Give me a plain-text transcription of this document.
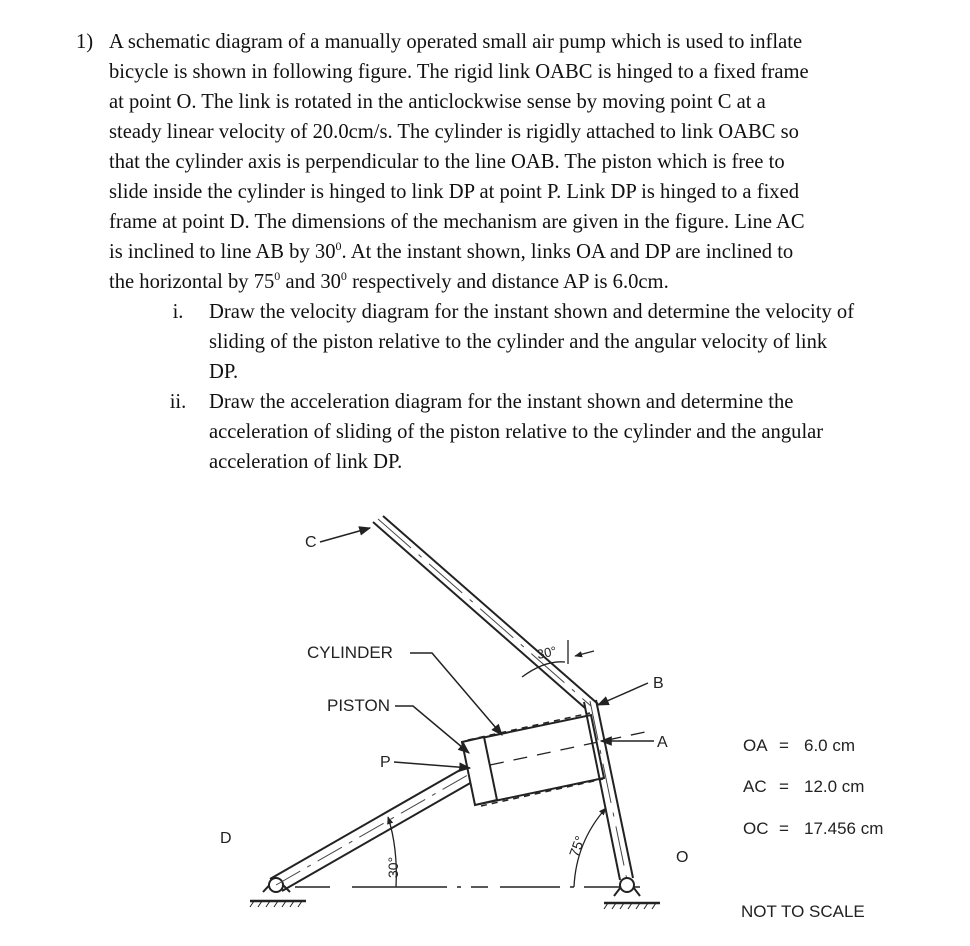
1) A schematic diagram of a manually operated small air pump which is used to inflate
bicycle is shown in following figure. The rigid link OABC is hinged to a fixed frame
at point O. The link is rotated in the anticlockwise sense by moving point C at a
steady linear velocity of 20.0cm/s. The cylinder is rigidly attached to link OABC so
that the cylinder axis is perpendicular to the line OAB. The piston which is free to
slide inside the cylinder is hinged to link DP at point P. Link DP is hinged to a fixed
frame at point D. The dimensions of the mechanism are given in the figure. Line AC
is inclined to line AB by $30^0$. At the instant shown, links OA and DP are inclined to
the horizontal by $75^0$ and $30^0$ respectively and distance AP is 6.0cm.
i.	Draw the velocity diagram for the instant shown and determine the velocity of
sliding of the piston relative to the cylinder and the angular velocity of link
DP.
ii.	Draw the acceleration diagram for the instant shown and determine the
acceleration of sliding of the piston relative to the cylinder and the angular
acceleration of link DP.
D
O
C
CYLINDER
PISTON
P
B
A
30°
30°
75°
OA = 6.0 cm
AC = 12.0 cm
OC = 17.456 cm
NOT TO SCALE
